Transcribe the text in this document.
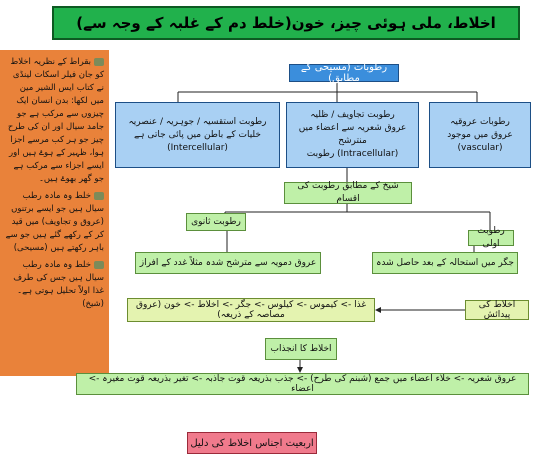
اخلاط، ملی ہوئی چیز، خون(خلط دم کے غلبہ کے وجہ سے)

بقراط کے نظریہ اخلاط کو جان فیلر اسکات لینڈی نے کتاب ایس الشیر مین میں لکھا: بدن انسان ایک چیزوں سے مرکب ہے جو جامد سیال اور ان کی طرح چیز جو ہر کب مرسے اجزا ہوا، ظہیر کے ہوۓ ہیں اور ایسے اجزاء سے مرکب ہے جو گھر بھوۓ ہیں۔

خلط وہ مادہ رطب سیال ہیں جو ایسے برتنوں (عروق و تجاویف) میں قید کر کے رکھے گئے ہیں جو سے باہر رکھتے ہیں (مسیحی)

خلط وہ مادہ رطب سیال ہیں جس کی طرف غذا اولاً تحلیل ہوتی ہے۔ (شیخ)

رطوبات (مسیحی کے مطابق)
رطوبات عروقیہ
عروق میں موجود
(vascular)
رطوبت تجاویف / ظلیہ
عروق شعریہ سے اعضاء میں منترشح
(Intracellular) رطوبت
رطوبت استقسیہ / جوہریہ / عنصریہ
خلیات کے باطن میں پائی جاتی ہے
(Intercellular)
شیخ کے مطابق رطوبت کی اقسام
رطوبت اولی
جگر میں استحالہ کے بعد حاصل شدہ
رطوبت ثانوی
عروق دمویہ سے مترشح شدہ مثلاً غدد کے افراز
غذا -> کیموس -> کیلوس -> جگر -> اخلاط -> خون (عروق مصاصہ کے ذریعہ)
اخلاط کی پیدائش
اخلاط کا انجذاب
عروق شعریہ -> خلاء اعضاء میں جمع (شبنم کی طرح) -> جذب بذریعہ قوت جاذبہ -> تغیر بذریعہ قوت مغیرہ -> اعضاء
اربعیت اجناس اخلاط کی دلیل
